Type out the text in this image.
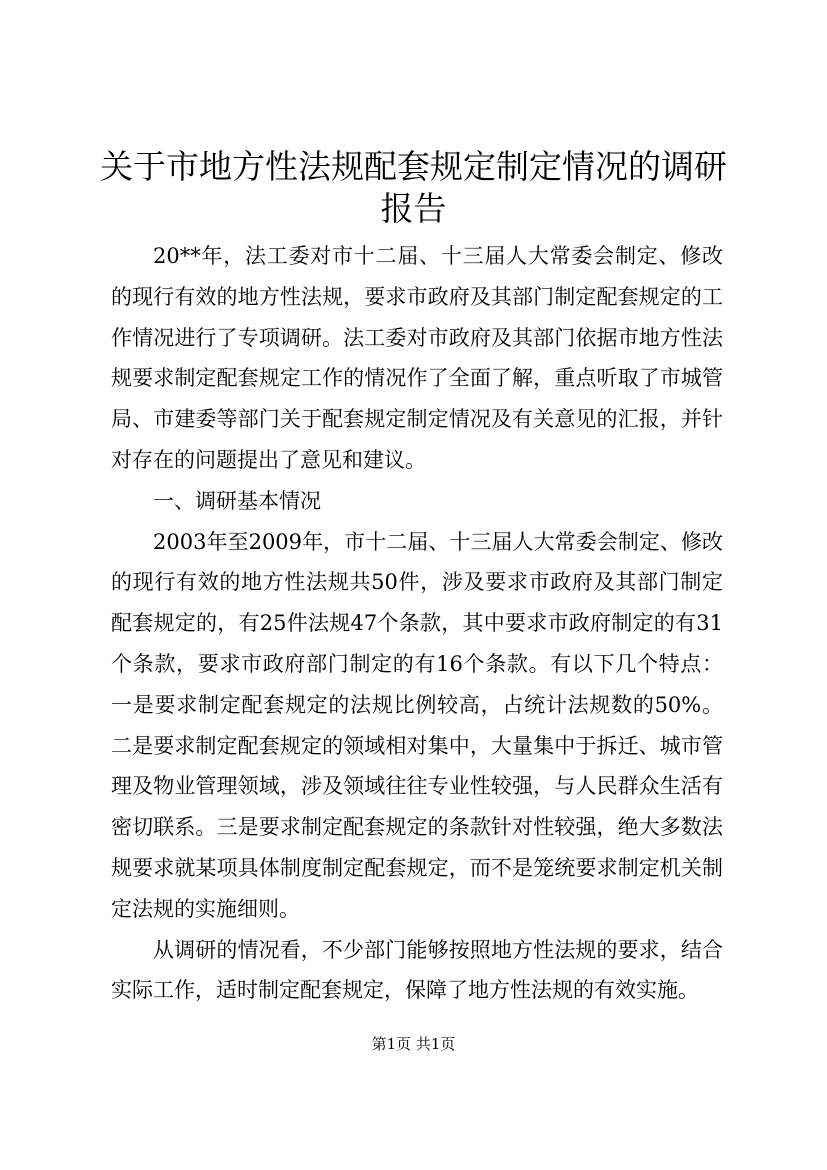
关于市地方性法规配套规定制定情况的调研报告

20**年，法工委对市十二届、十三届人大常委会制定、修改的现行有效的地方性法规，要求市政府及其部门制定配套规定的工作情况进行了专项调研。法工委对市政府及其部门依据市地方性法规要求制定配套规定工作的情况作了全面了解，重点听取了市城管局、市建委等部门关于配套规定制定情况及有关意见的汇报，并针对存在的问题提出了意见和建议。

一、调研基本情况

2003年至2009年，市十二届、十三届人大常委会制定、修改的现行有效的地方性法规共50件，涉及要求市政府及其部门制定配套规定的，有25件法规47个条款，其中要求市政府制定的有31个条款，要求市政府部门制定的有16个条款。有以下几个特点：一是要求制定配套规定的法规比例较高，占统计法规数的50%。二是要求制定配套规定的领域相对集中，大量集中于拆迁、城市管理及物业管理领域，涉及领域往往专业性较强，与人民群众生活有密切联系。三是要求制定配套规定的条款针对性较强，绝大多数法规要求就某项具体制度制定配套规定，而不是笼统要求制定机关制定法规的实施细则。

从调研的情况看，不少部门能够按照地方性法规的要求，结合实际工作，适时制定配套规定，保障了地方性法规的有效实施。

第1页 共1页
